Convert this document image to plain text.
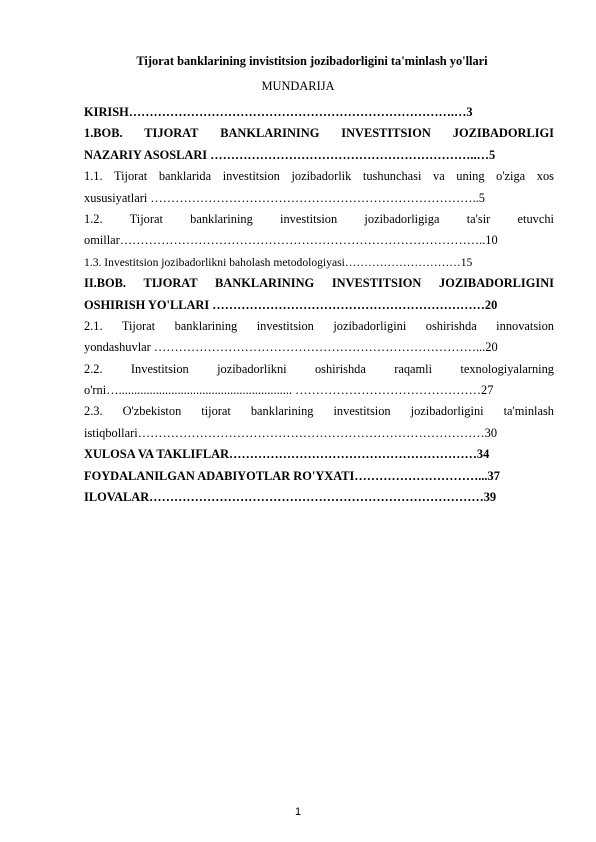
Tijorat banklarining invistitsion jozibadorligini ta'minlash yo'llari
MUNDARIJA
KIRISH…………………………………………………………………….…3
1.BOB. TIJORAT BANKLARINING INVESTITSION JOZIBADORLIGI
NAZARIY ASOSLARI ………………………………………………………..…5
1.1. Tijorat banklarida investitsion jozibadorlik tushunchasi va uning o'ziga xos
xususiyatlari ……………………………………………………………………..5
1.2. Tijorat banklarining investitsion jozibadorligiga ta'sir etuvchi
omillar……………………………………………………………………………..10
1.3. Investitsion jozibadorlikni baholash metodologiyasi…………………………15
II.BOB. TIJORAT BANKLARINING INVESTITSION JOZIBADORLIGINI
OSHIRISH YO'LLARI …………………………………………………………20
2.1. Tijorat banklarining investitsion jozibadorligini oshirishda innovatsion
yondashuvlar ……………………………………………………………………...20
2.2. Investitsion jozibadorlikni oshirishda raqamli texnologiyalarning
o'rni…........................................................ ………………………………………27
2.3. O'zbekiston tijorat banklarining investitsion jozibadorligini ta'minlash
istiqbollari…………………………………………………………………………30
XULOSA VA TAKLIFLAR……………………………………………………34
FOYDALANILGAN ADABIYOTLAR RO'YXATI…………………………...37
ILOVALAR………………………………………………………………………39
1
